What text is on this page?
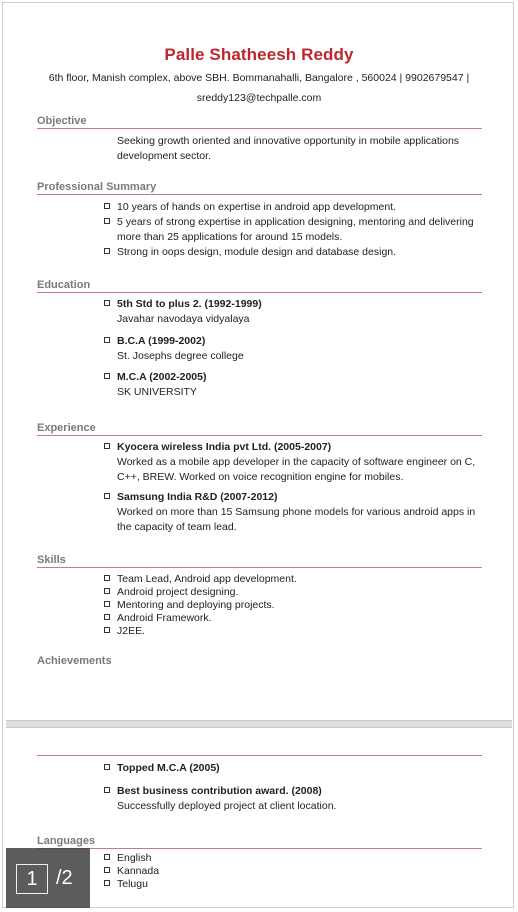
Palle Shatheesh Reddy
6th floor, Manish complex, above SBH. Bommanahalli, Bangalore , 560024 | 9902679547 |
sreddy123@techpalle.com
Objective
Seeking growth oriented and innovative opportunity in mobile applications development sector.
Professional Summary
10 years of hands on expertise in android app development.
5 years of strong expertise in application designing, mentoring and delivering more than 25 applications for around 15 models.
Strong in oops design, module design and database design.
Education
5th Std to plus 2. (1992-1999)
Javahar navodaya vidyalaya
B.C.A (1999-2002)
St. Josephs degree college
M.C.A (2002-2005)
SK UNIVERSITY
Experience
Kyocera wireless India pvt Ltd. (2005-2007)
Worked as a mobile app developer in the capacity of software engineer on C, C++, BREW. Worked on voice recognition engine for mobiles.
Samsung India R&D (2007-2012)
Worked on more than 15 Samsung phone models for various android apps in the capacity of team lead.
Skills
Team Lead, Android app development.
Android project designing.
Mentoring and deploying projects.
Android Framework.
J2EE.
Achievements
Topped M.C.A (2005)
Best business contribution award. (2008)
Successfully deployed project at client location.
Languages
English
Kannada
Telugu
1 /2
